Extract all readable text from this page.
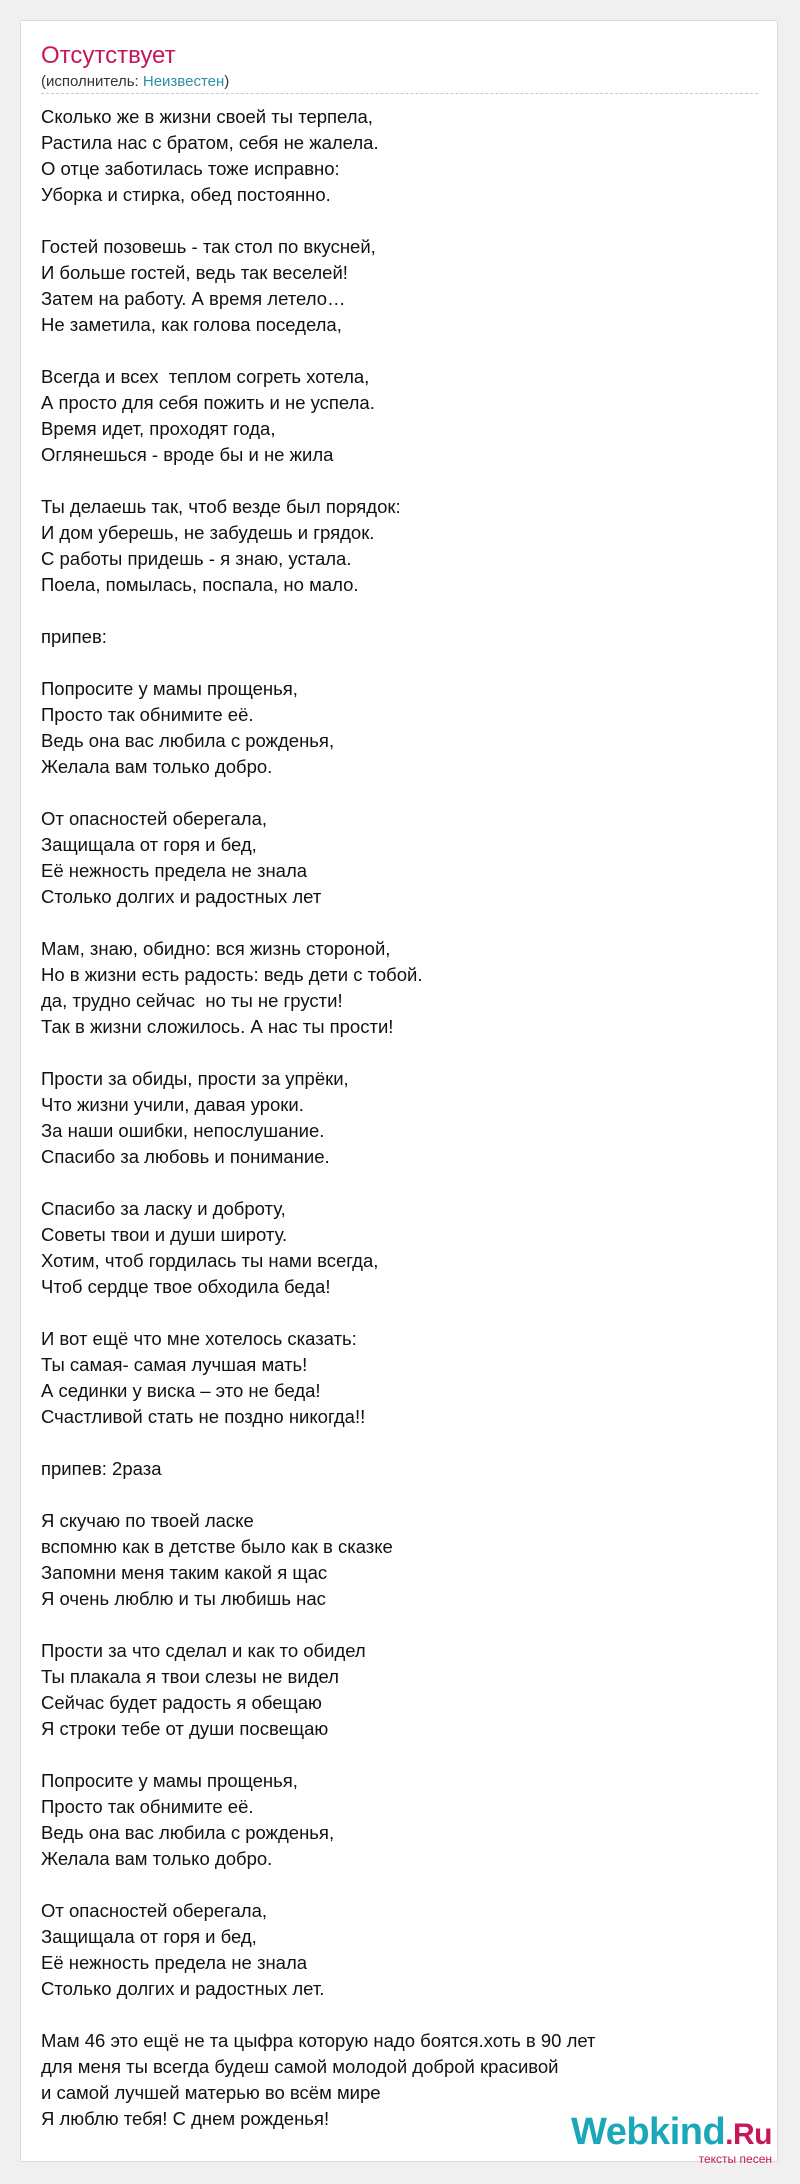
Отсутствует
(исполнитель: Неизвестен)
Сколько же в жизни своей ты терпела,
Растила нас с братом, себя не жалела.
О отце заботилась тоже исправно:
Уборка и стирка, обед постоянно.
Гостей позовешь - так стол по вкусней,
И больше гостей, ведь так веселей!
Затем на работу. А время летело…
Не заметила, как голова поседела,
Всегда и всех  теплом согреть хотела,
А просто для себя пожить и не успела.
Время идет, проходят года,
Оглянешься - вроде бы и не жила
Ты делаешь так, чтоб везде был порядок:
И дом уберешь, не забудешь и грядок.
С работы придешь - я знаю, устала.
Поела, помылась, поспала, но мало.
припев:
Попросите у мамы прощенья,
Просто так обнимите её.
Ведь она вас любила с рожденья,
Желала вам только добро.
От опасностей оберегала,
Защищала от горя и бед,
Её нежность предела не знала
Столько долгих и радостных лет
Мам, знаю, обидно: вся жизнь стороной,
Но в жизни есть радость: ведь дети с тобой.
да, трудно сейчас  но ты не грусти!
Так в жизни сложилось. А нас ты прости!
Прости за обиды, прости за упрёки,
Что жизни учили, давая уроки.
За наши ошибки, непослушание.
Спасибо за любовь и понимание.
Спасибо за ласку и доброту,
Советы твои и души широту.
Хотим, чтоб гордилась ты нами всегда,
Чтоб сердце твое обходила беда!
И вот ещё что мне хотелось сказать:
Ты самая- самая лучшая мать!
А сединки у виска – это не беда!
Счастливой стать не поздно никогда!!
припев: 2раза
Я скучаю по твоей ласке
вспомню как в детстве было как в сказке
Запомни меня таким какой я щас
Я очень люблю и ты любишь нас
Прости за что сделал и как то обидел
Ты плакала я твои слезы не видел
Сейчас будет радость я обещаю
Я строки тебе от души посвещаю
Попросите у мамы прощенья,
Просто так обнимите её.
Ведь она вас любила с рожденья,
Желала вам только добро.
От опасностей оберегала,
Защищала от горя и бед,
Её нежность предела не знала
Столько долгих и радостных лет.
Мам 46 это ещё не та цыфра которую надо боятся.хоть в 90 лет
для меня ты всегда будеш самой молодой доброй красивой
и самой лучшей матерью во всём мире
Я люблю тебя! С днем рожденья!	Webkind.Ru
тексты песен
